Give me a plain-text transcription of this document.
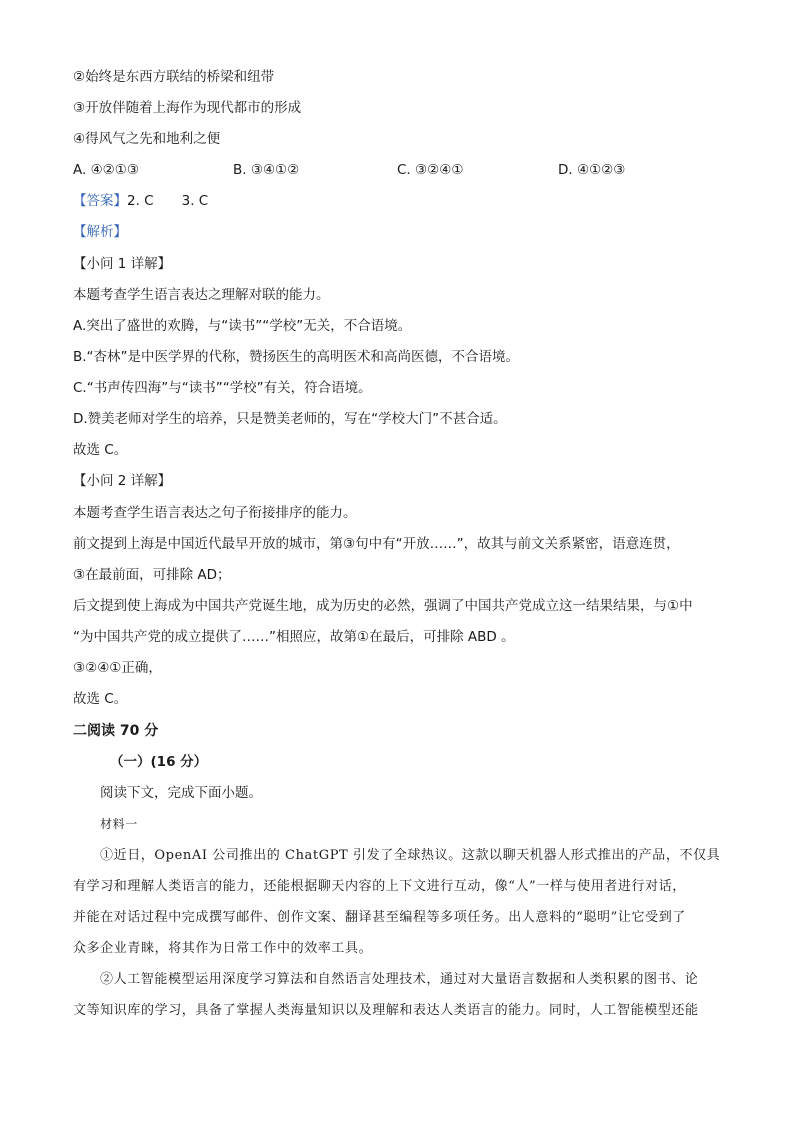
②始终是东西方联结的桥梁和纽带
③开放伴随着上海作为现代都市的形成
④得风气之先和地利之便
A. ④②①③	B. ③④①②	C. ③②④①	D. ④①②③
【答案】2. C 3. C
【解析】
【小问 1 详解】
本题考查学生语言表达之理解对联的能力。
A.突出了盛世的欢腾，与“读书”“学校”无关，不合语境。
B.“杏林”是中医学界的代称，赞扬医生的高明医术和高尚医德，不合语境。
C.“书声传四海”与“读书”“学校”有关，符合语境。
D.赞美老师对学生的培养，只是赞美老师的，写在“学校大门”不甚合适。
故选 C。
【小问 2 详解】
本题考查学生语言表达之句子衔接排序的能力。
前文提到上海是中国近代最早开放的城市，第③句中有“开放……”，故其与前文关系紧密，语意连贯，
③在最前面，可排除 AD；
后文提到使上海成为中国共产党诞生地，成为历史的必然，强调了中国共产党成立这一结果结果，与①中
“为中国共产党的成立提供了……”相照应，故第①在最后，可排除 ABD 。
③②④①正确，
故选 C。
二阅读 70 分
（一）(16 分）
阅读下文，完成下面小题。
材料一
①近日，OpenAI 公司推出的 ChatGPT 引发了全球热议。这款以聊天机器人形式推出的产品，不仅具
有学习和理解人类语言的能力，还能根据聊天内容的上下文进行互动，像“人”一样与使用者进行对话，
并能在对话过程中完成撰写邮件、创作文案、翻译甚至编程等多项任务。出人意料的“聪明”让它受到了
众多企业青睐，将其作为日常工作中的效率工具。
②人工智能模型运用深度学习算法和自然语言处理技术，通过对大量语言数据和人类积累的图书、论
文等知识库的学习，具备了掌握人类海量知识以及理解和表达人类语言的能力。同时，人工智能模型还能
